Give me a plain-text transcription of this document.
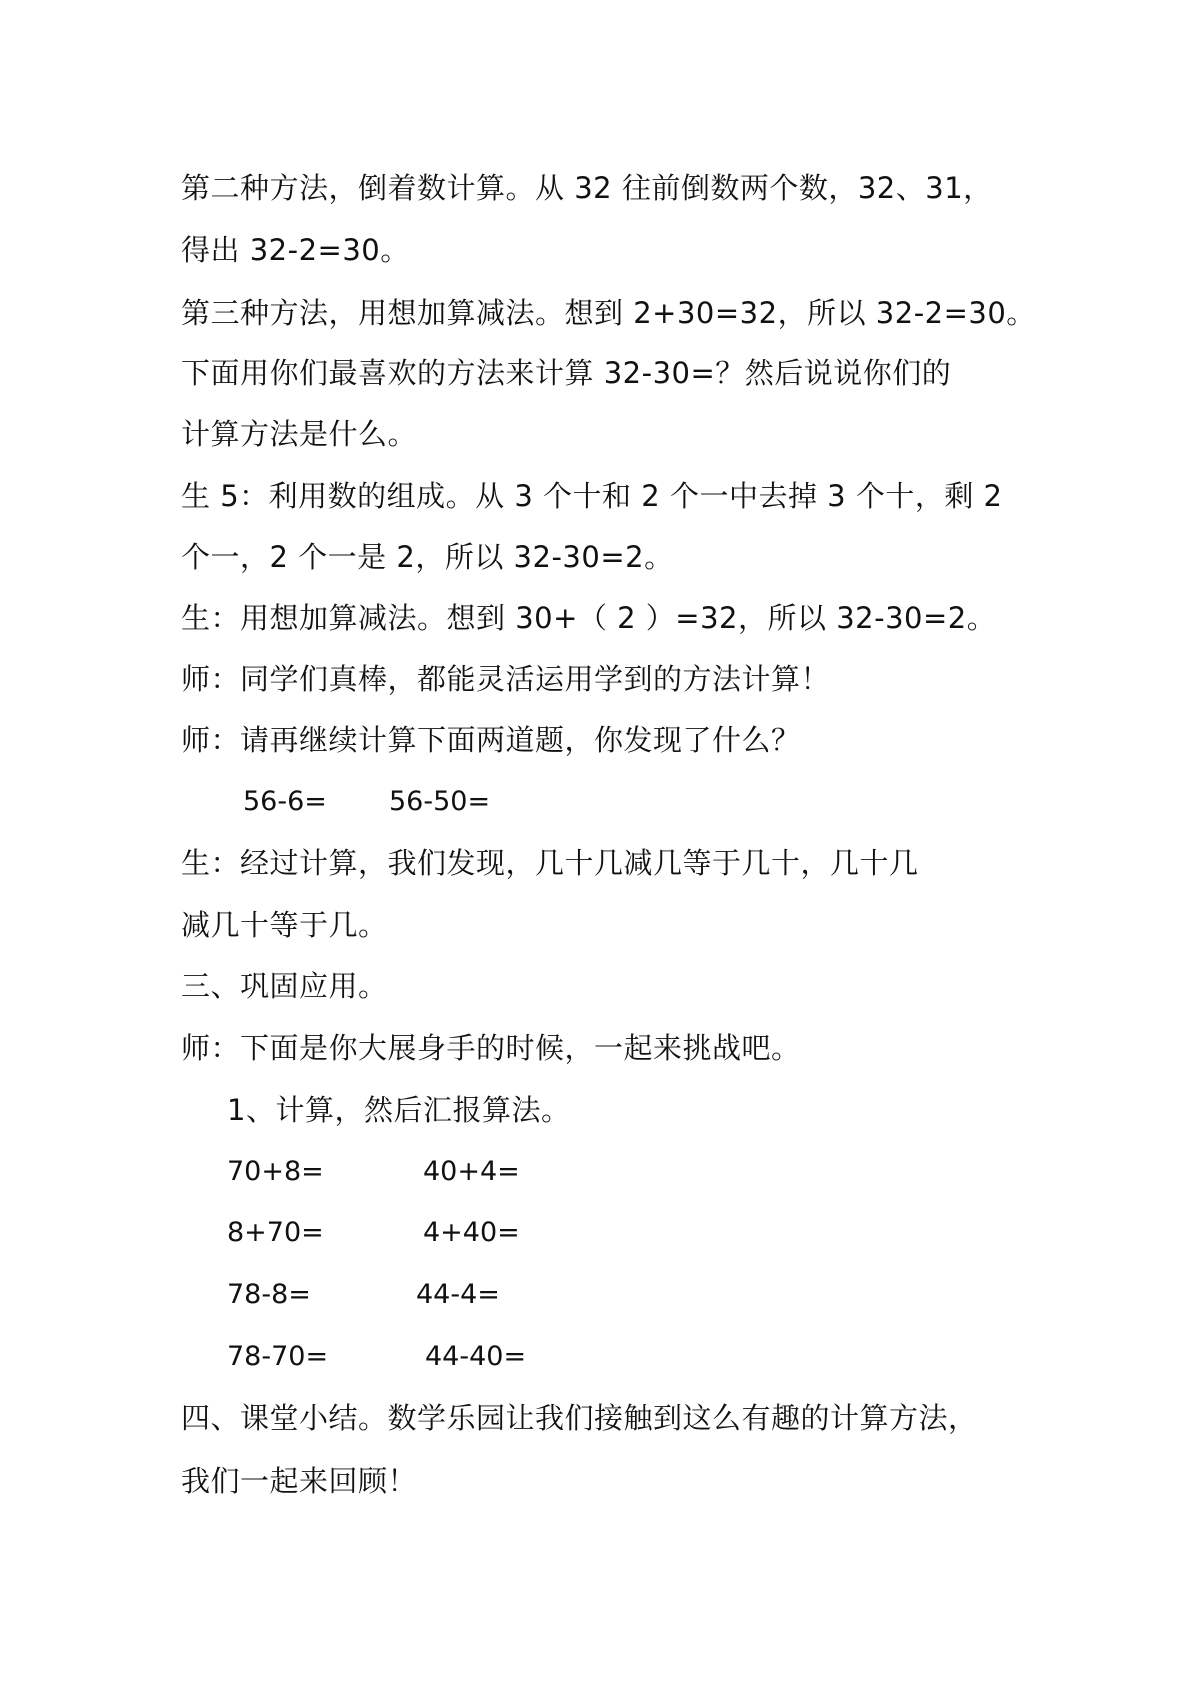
第二种方法，倒着数计算。从 32 往前倒数两个数，32、31，
得出 32-2=30。
第三种方法，用想加算减法。想到 2+30=32，所以 32-2=30。
下面用你们最喜欢的方法来计算 32-30=？然后说说你们的
计算方法是什么。
生 5：利用数的组成。从 3 个十和 2 个一中去掉 3 个十，剩 2
个一，2 个一是 2，所以 32-30=2。
生：用想加算减法。想到 30+（ 2 ）=32，所以 32-30=2。
师：同学们真棒，都能灵活运用学到的方法计算！
师：请再继续计算下面两道题，你发现了什么？
56-6= 56-50=
生：经过计算，我们发现，几十几减几等于几十，几十几
减几十等于几。
三、巩固应用。
师：下面是你大展身手的时候，一起来挑战吧。
1、计算，然后汇报算法。
70+8=	40+4=
8+70=	4+40=
78-8=	44-4=
78-70=	44-40=
四、课堂小结。数学乐园让我们接触到这么有趣的计算方法，
我们一起来回顾！
